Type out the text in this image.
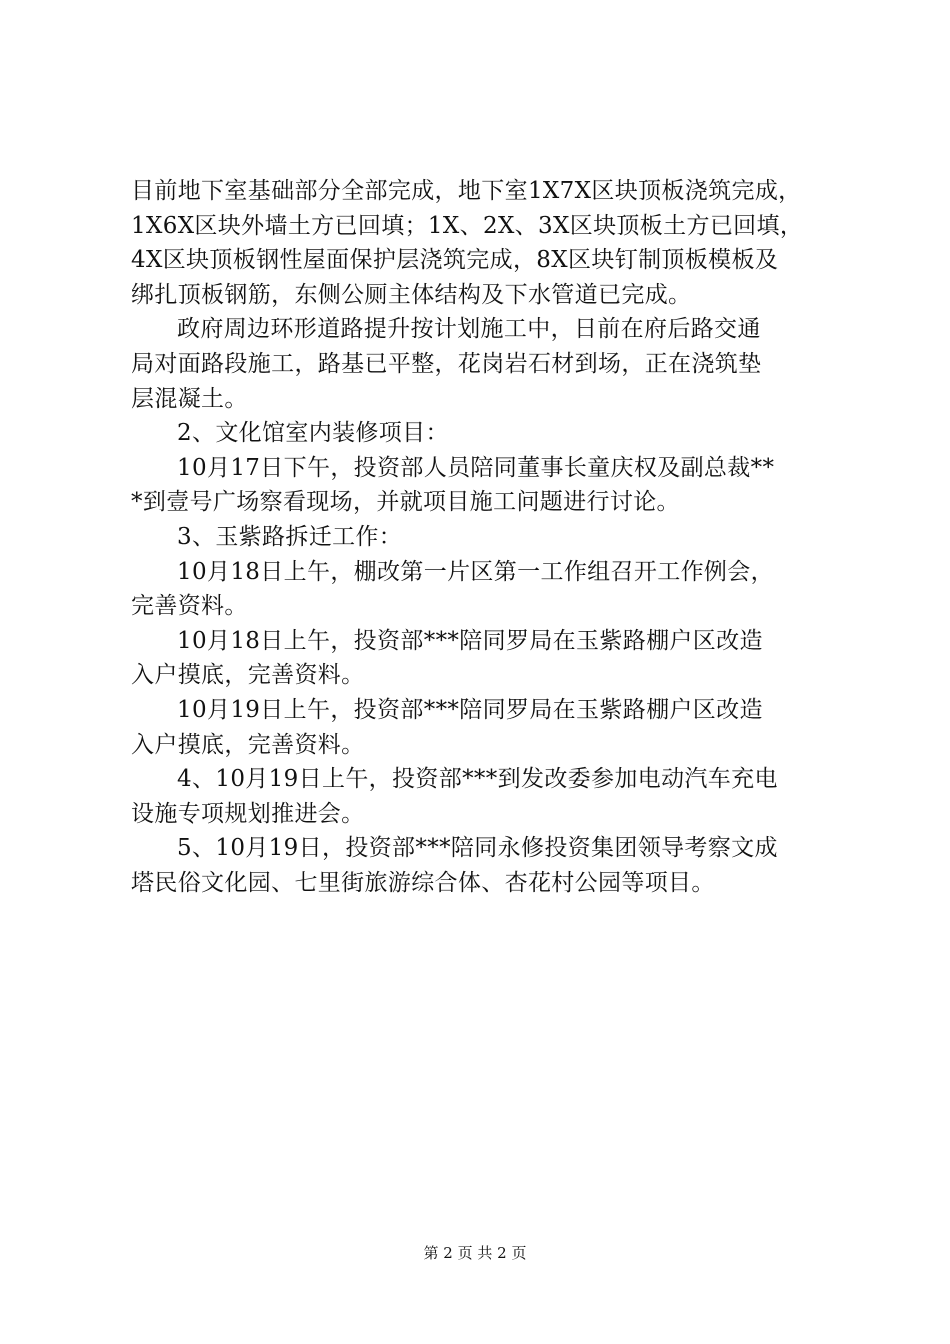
目前地下室基础部分全部完成，地下室1X7X区块顶板浇筑完成，
1X6X区块外墙土方已回填；1X、2X、3X区块顶板土方已回填，
4X区块顶板钢性屋面保护层浇筑完成，8X区块钉制顶板模板及
绑扎顶板钢筋，东侧公厕主体结构及下水管道已完成。
政府周边环形道路提升按计划施工中，日前在府后路交通
局对面路段施工，路基已平整，花岗岩石材到场，正在浇筑垫
层混凝土。
2、文化馆室内装修项目：
10月17日下午，投资部人员陪同董事长童庆权及副总裁**
*到壹号广场察看现场，并就项目施工问题进行讨论。
3、玉紫路拆迁工作：
10月18日上午，棚改第一片区第一工作组召开工作例会，
完善资料。
10月18日上午，投资部***陪同罗局在玉紫路棚户区改造
入户摸底，完善资料。
10月19日上午，投资部***陪同罗局在玉紫路棚户区改造
入户摸底，完善资料。
4、10月19日上午，投资部***到发改委参加电动汽车充电
设施专项规划推进会。
5、10月19日，投资部***陪同永修投资集团领导考察文成
塔民俗文化园、七里街旅游综合体、杏花村公园等项目。
第 2 页 共 2 页
